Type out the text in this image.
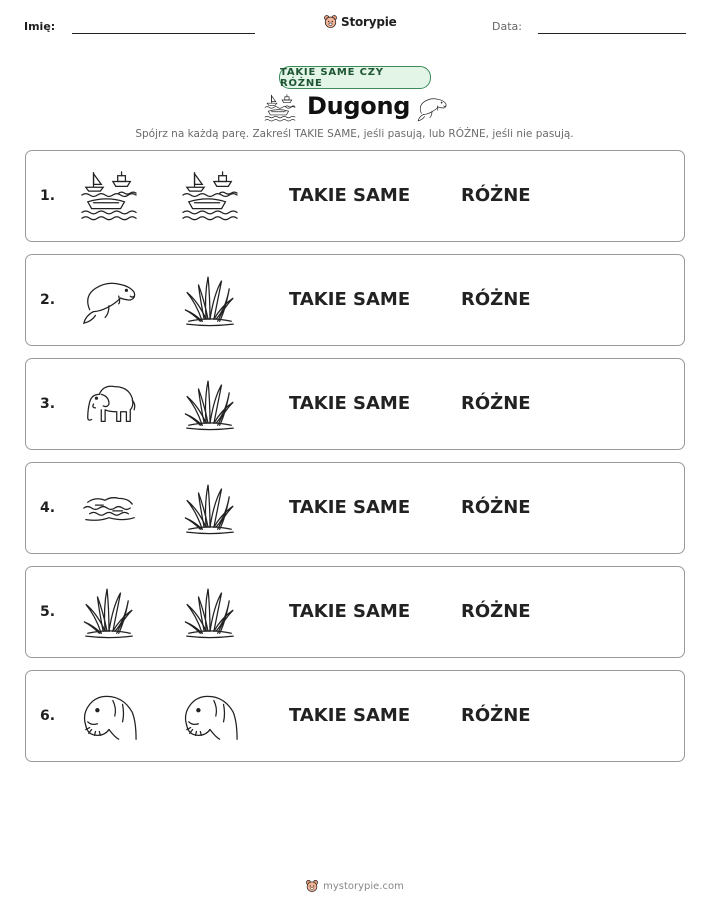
Imię:	Storypie	Data:
TAKIE SAME CZY RÓŻNE
Dugong
Spójrz na każdą parę. Zakreśl TAKIE SAME, jeśli pasują, lub RÓŻNE, jeśli nie pasują.
1.	TAKIE SAME	RÓŻNE
2.	TAKIE SAME	RÓŻNE
3.	TAKIE SAME	RÓŻNE
4.	TAKIE SAME	RÓŻNE
5.	TAKIE SAME	RÓŻNE
6.	TAKIE SAME	RÓŻNE
mystorypie.com
